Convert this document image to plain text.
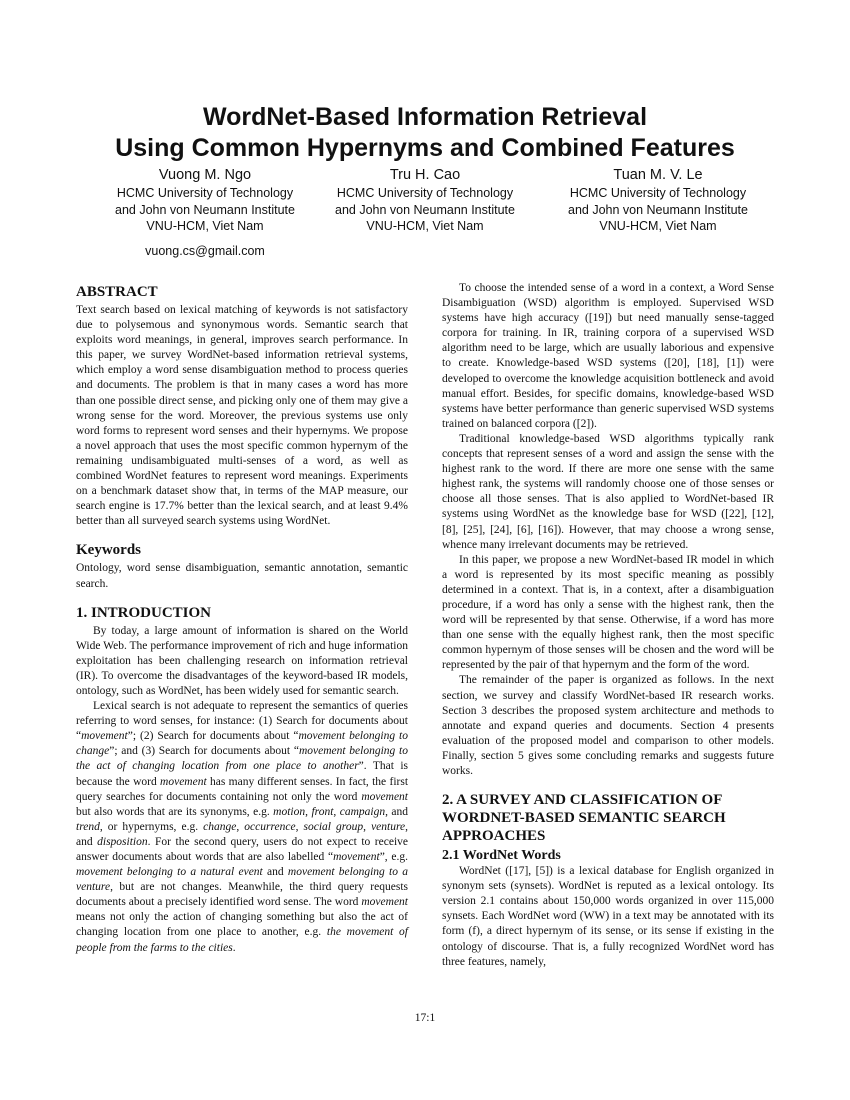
WordNet-Based Information Retrieval
Using Common Hypernyms and Combined Features
Vuong M. Ngo
HCMC University of Technology
and John von Neumann Institute
VNU-HCM, Viet Nam
vuong.cs@gmail.com
Tru H. Cao
HCMC University of Technology
and John von Neumann Institute
VNU-HCM, Viet Nam
Tuan M. V. Le
HCMC University of Technology
and John von Neumann Institute
VNU-HCM, Viet Nam
ABSTRACT

Text search based on lexical matching of keywords is not satisfactory due to polysemous and synonymous words. Semantic search that exploits word meanings, in general, improves search performance. In this paper, we survey WordNet-based information retrieval systems, which employ a word sense disambiguation method to process queries and documents. The problem is that in many cases a word has more than one possible direct sense, and picking only one of them may give a wrong sense for the word. Moreover, the previous systems use only word forms to represent word senses and their hypernyms. We propose a novel approach that uses the most specific common hypernym of the remaining undisambiguated multi-senses of a word, as well as combined WordNet features to represent word meanings. Experiments on a benchmark dataset show that, in terms of the MAP measure, our search engine is 17.7% better than the lexical search, and at least 9.4% better than all surveyed search systems using WordNet.

Keywords

Ontology, word sense disambiguation, semantic annotation, semantic search.

1. INTRODUCTION

By today, a large amount of information is shared on the World Wide Web. The performance improvement of rich and huge information exploitation has been challenging research on information retrieval (IR). To overcome the disadvantages of the keyword-based IR models, ontology, such as WordNet, has been widely used for semantic search.

Lexical search is not adequate to represent the semantics of queries referring to word senses, for instance: (1) Search for documents about “movement”; (2) Search for documents about “movement belonging to change”; and (3) Search for documents about “movement belonging to the act of changing location from one place to another”. That is because the word movement has many different senses. In fact, the first query searches for documents containing not only the word movement but also words that are its synonyms, e.g. motion, front, campaign, and trend, or hypernyms, e.g. change, occurrence, social group, venture, and disposition. For the second query, users do not expect to receive answer documents about words that are also labelled “movement”, e.g. movement belonging to a natural event and movement belonging to a venture, but are not changes. Meanwhile, the third query requests documents about a precisely identified word sense. The word movement means not only the action of changing something but also the act of changing location from one place to another, e.g. the movement of people from the farms to the cities.

To choose the intended sense of a word in a context, a Word Sense Disambiguation (WSD) algorithm is employed. Supervised WSD systems have high accuracy ([19]) but need manually sense-tagged corpora for training. In IR, training corpora of a supervised WSD algorithm need to be large, which are usually laborious and expensive to create. Knowledge-based WSD systems ([20], [18], [1]) were developed to overcome the knowledge acquisition bottleneck and avoid manual effort. Besides, for specific domains, knowledge-based WSD systems have better performance than generic supervised WSD systems trained on balanced corpora ([2]).

Traditional knowledge-based WSD algorithms typically rank concepts that represent senses of a word and assign the sense with the highest rank to the word. If there are more one sense with the same highest rank, the systems will randomly choose one of those senses or choose all those senses. That is also applied to WordNet-based IR systems using WordNet as the knowledge base for WSD ([22], [12], [8], [25], [24], [6], [16]). However, that may choose a wrong sense, whence many irrelevant documents may be retrieved.

In this paper, we propose a new WordNet-based IR model in which a word is represented by its most specific meaning as possibly determined in a context. That is, in a context, after a disambiguation procedure, if a word has only a sense with the highest rank, then the word will be represented by that sense. Otherwise, if a word has more than one sense with the equally highest rank, then the most specific common hypernym of those senses will be chosen and the word will be represented by the pair of that hypernym and the form of the word.

The remainder of the paper is organized as follows. In the next section, we survey and classify WordNet-based IR research works. Section 3 describes the proposed system architecture and methods to annotate and expand queries and documents. Section 4 presents evaluation of the proposed model and comparison to other models. Finally, section 5 gives some concluding remarks and suggests future works.

2. A SURVEY AND CLASSIFICATION OF WORDNET-BASED SEMANTIC SEARCH APPROACHES
2.1 WordNet Words

WordNet ([17], [5]) is a lexical database for English organized in synonym sets (synsets). WordNet is reputed as a lexical ontology. Its version 2.1 contains about 150,000 words organized in over 115,000 synsets. Each WordNet word (WW) in a text may be annotated with its form (f), a direct hypernym of its sense, or its sense if existing in the ontology of discourse. That is, a fully recognized WordNet word has three features, namely,

17:1
